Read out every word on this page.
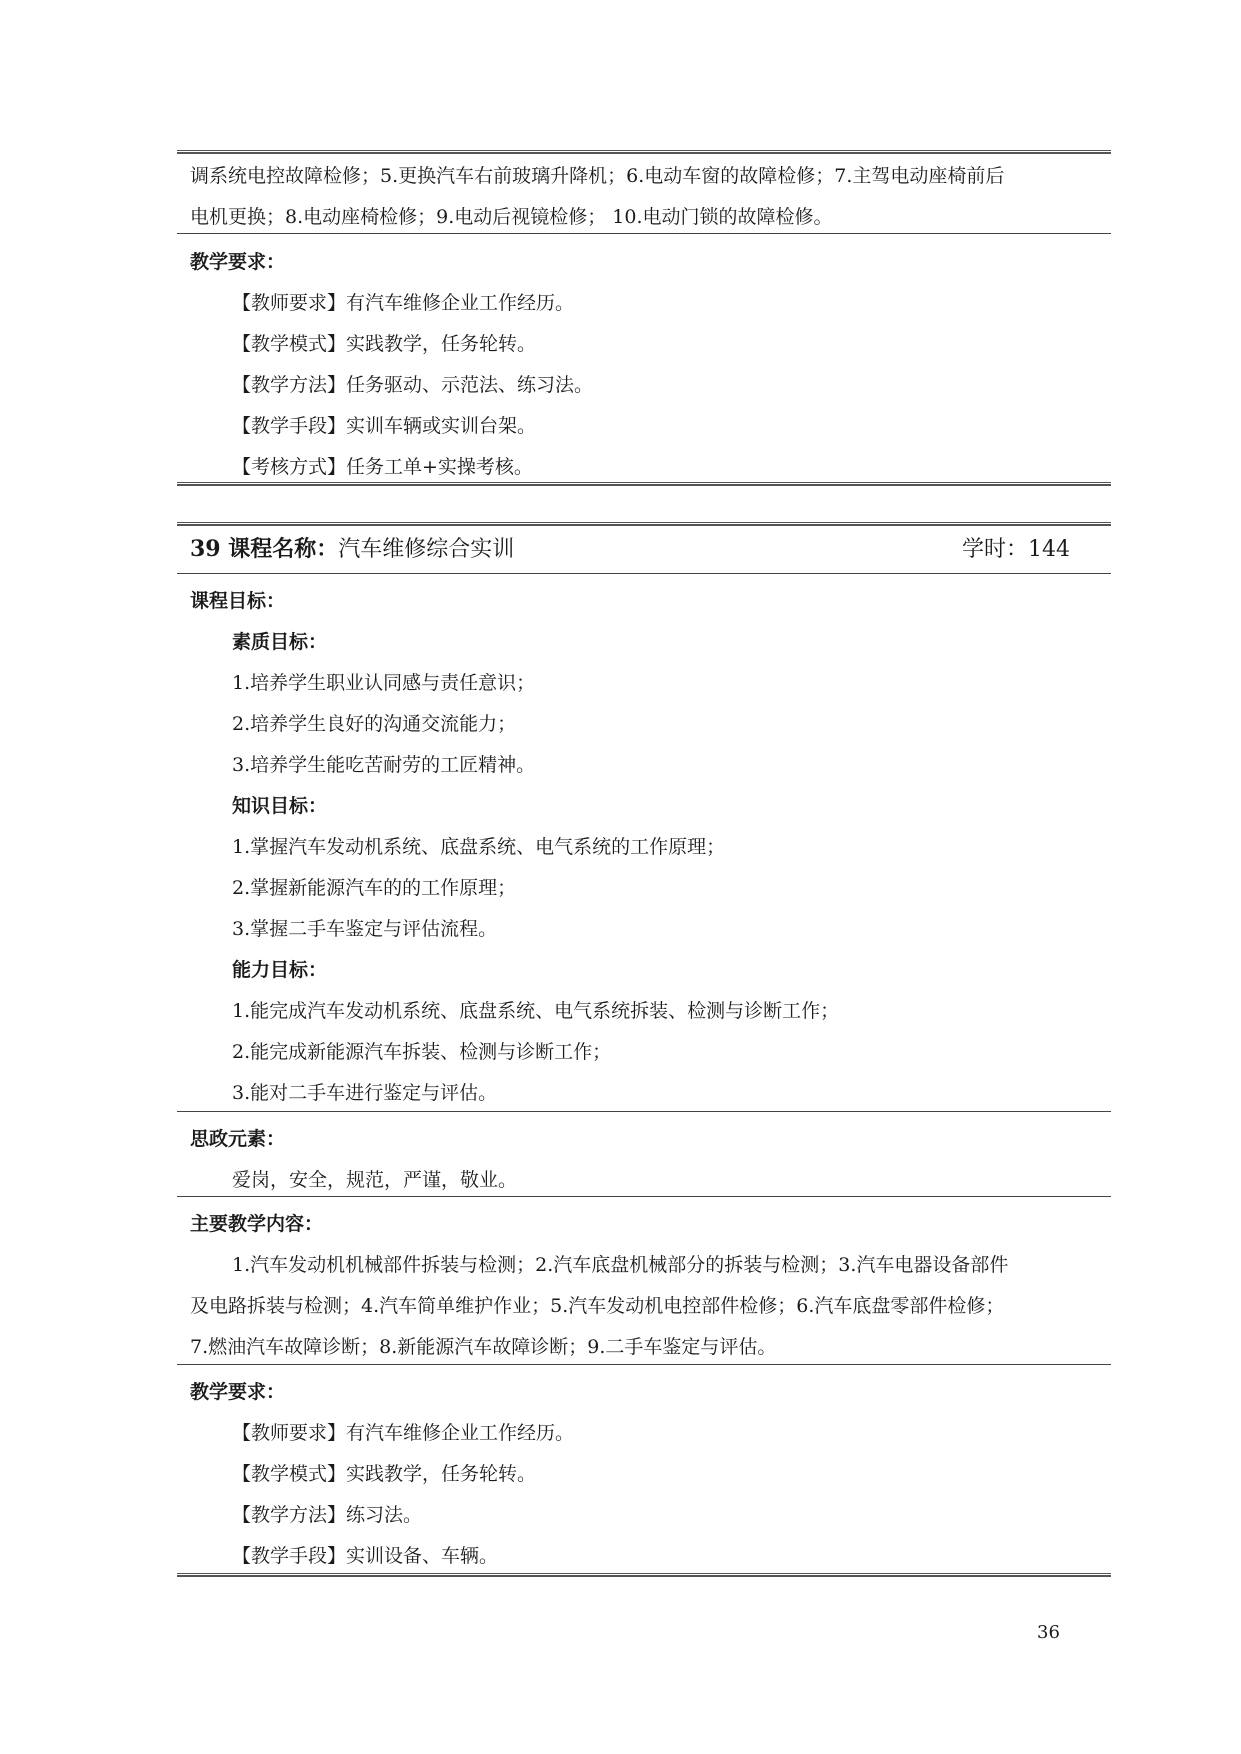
调系统电控故障检修；5.更换汽车右前玻璃升降机；6.电动车窗的故障检修；7.主驾电动座椅前后
电机更换；8.电动座椅检修；9.电动后视镜检修； 10.电动门锁的故障检修。
教学要求：
【教师要求】有汽车维修企业工作经历。
【教学模式】实践教学，任务轮转。
【教学方法】任务驱动、示范法、练习法。
【教学手段】实训车辆或实训台架。
【考核方式】任务工单+实操考核。
39 课程名称：汽车维修综合实训	学时：144
课程目标：
素质目标：
1.培养学生职业认同感与责任意识；
2.培养学生良好的沟通交流能力；
3.培养学生能吃苦耐劳的工匠精神。
知识目标：
1.掌握汽车发动机系统、底盘系统、电气系统的工作原理；
2.掌握新能源汽车的的工作原理；
3.掌握二手车鉴定与评估流程。
能力目标：
1.能完成汽车发动机系统、底盘系统、电气系统拆装、检测与诊断工作；
2.能完成新能源汽车拆装、检测与诊断工作；
3.能对二手车进行鉴定与评估。
思政元素：
爱岗，安全，规范，严谨，敬业。
主要教学内容：
1.汽车发动机机械部件拆装与检测；2.汽车底盘机械部分的拆装与检测；3.汽车电器设备部件
及电路拆装与检测；4.汽车简单维护作业；5.汽车发动机电控部件检修；6.汽车底盘零部件检修；
7.燃油汽车故障诊断；8.新能源汽车故障诊断；9.二手车鉴定与评估。
教学要求：
【教师要求】有汽车维修企业工作经历。
【教学模式】实践教学，任务轮转。
【教学方法】练习法。
【教学手段】实训设备、车辆。
36
